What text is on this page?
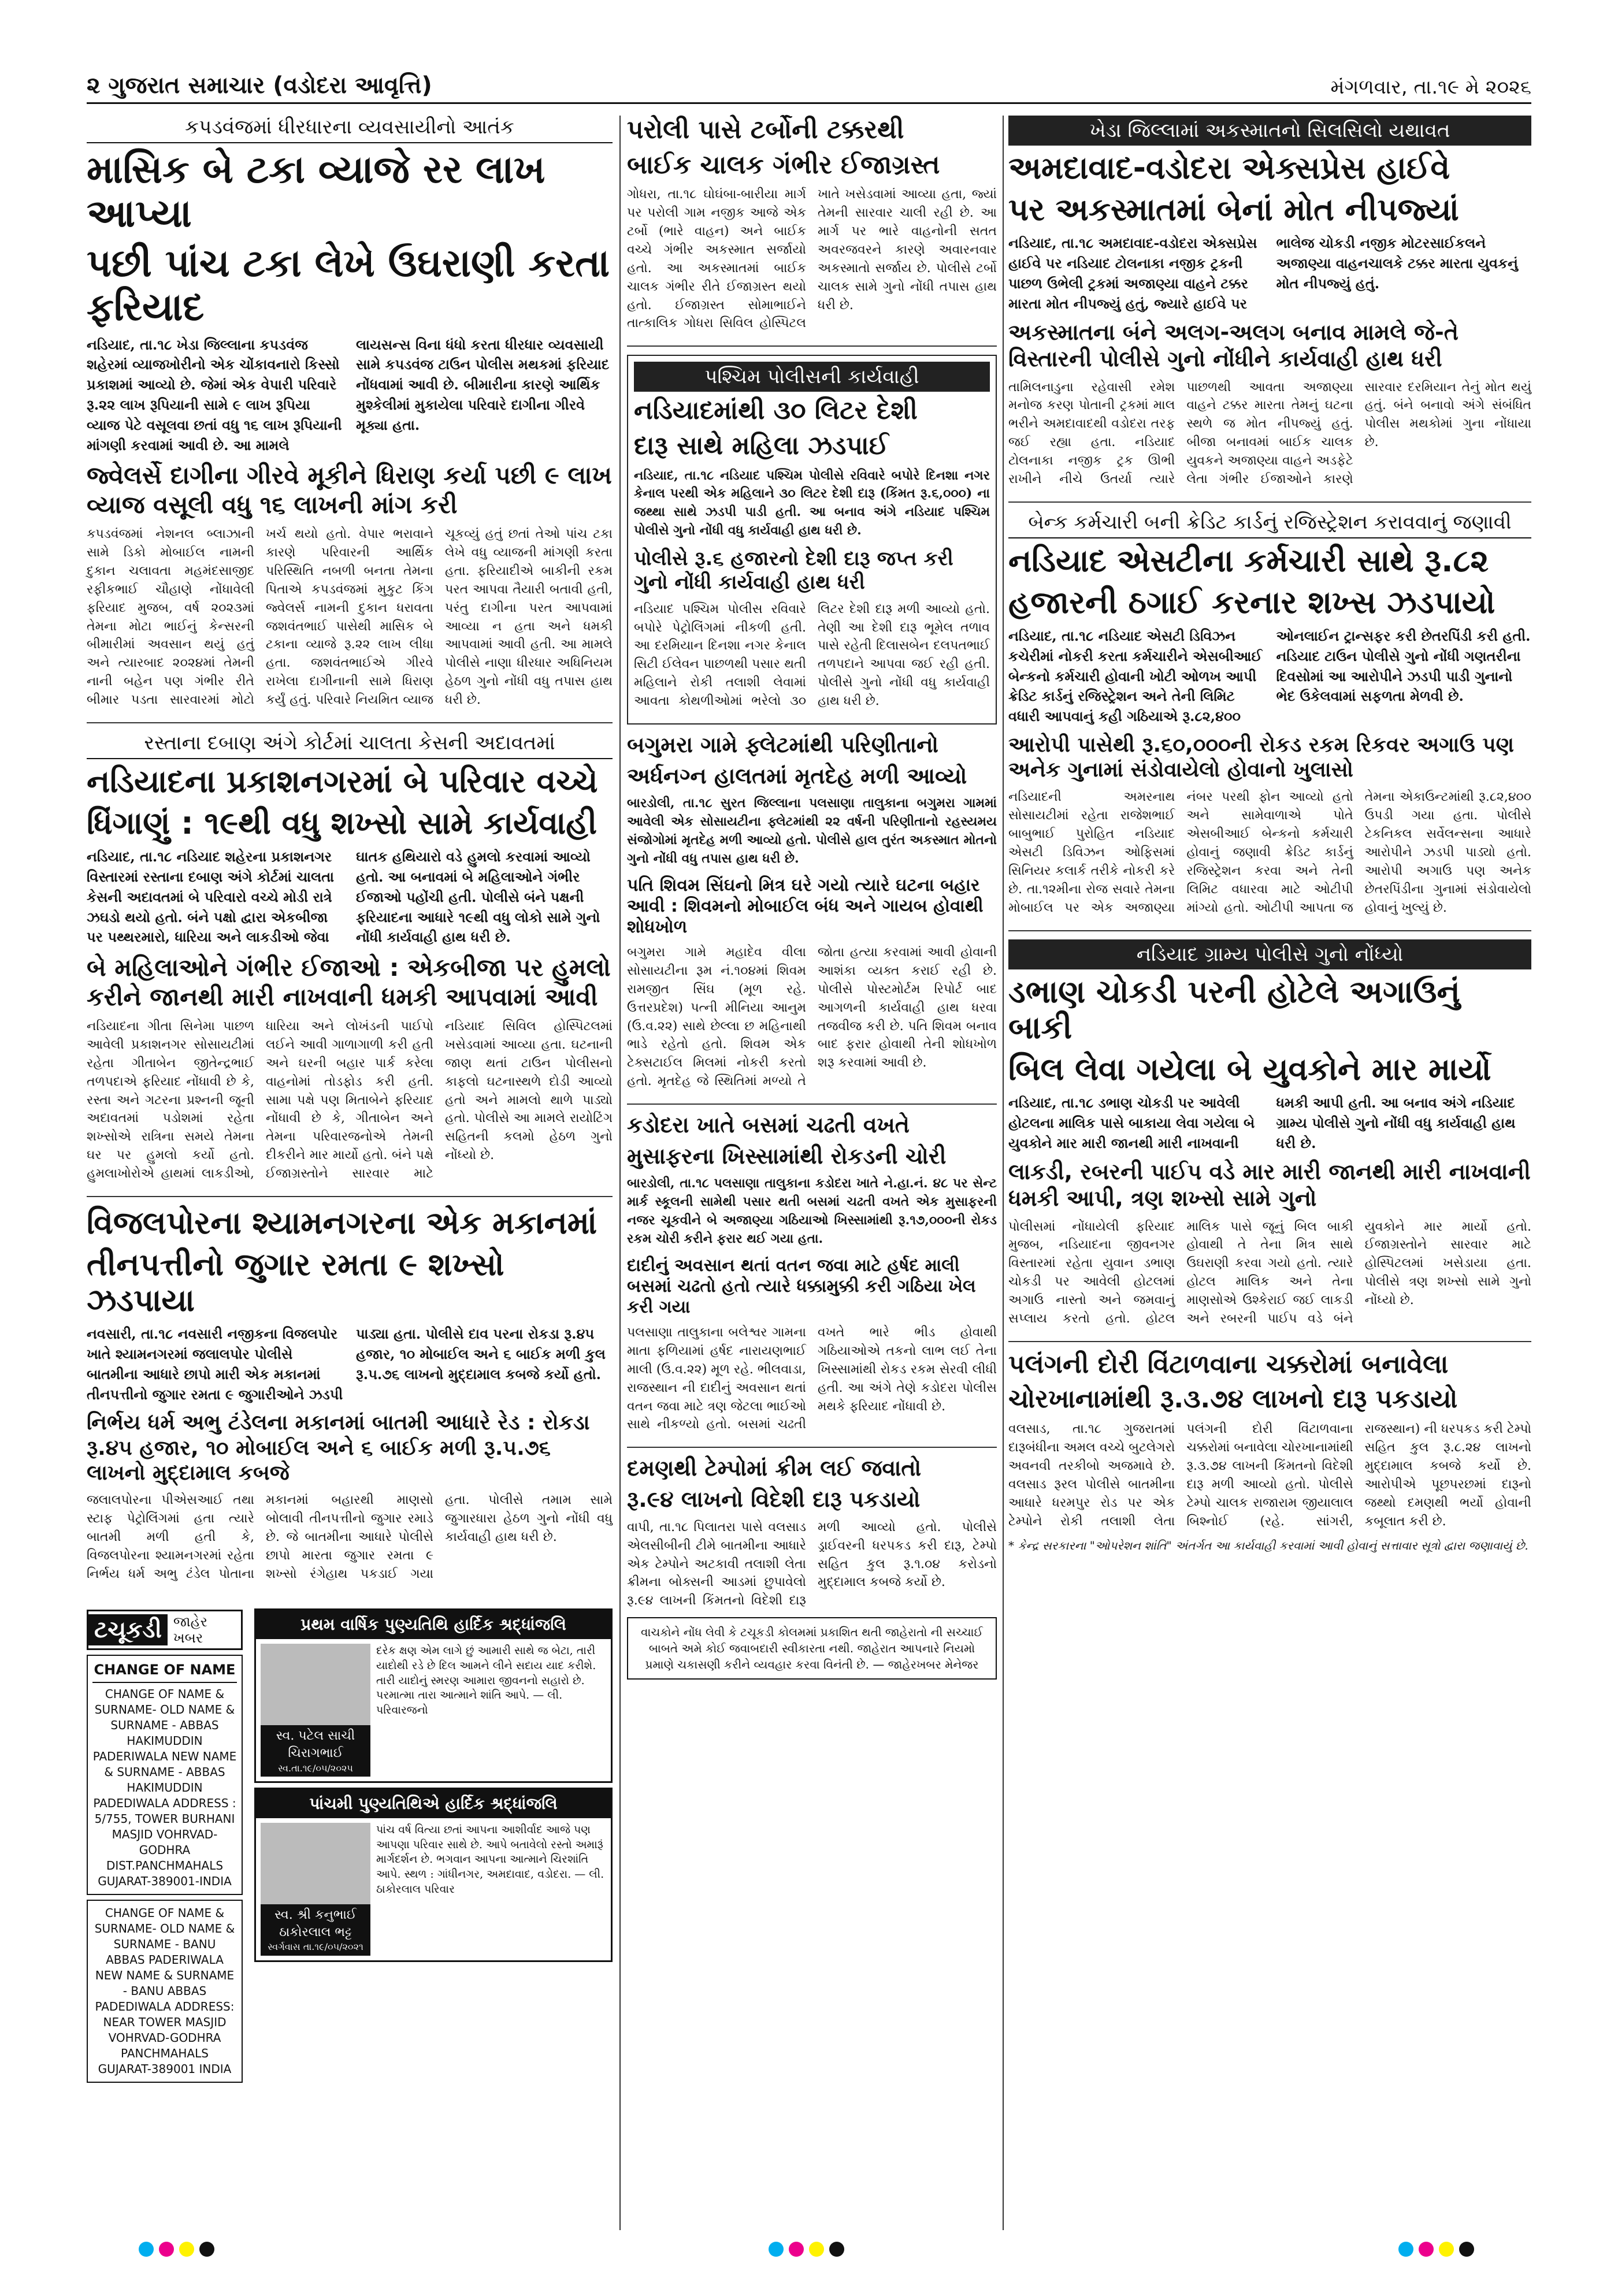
૨ ગુજરાત સમાચાર (વડોદરા આવૃત્તિ)	મંગળવાર, તા.૧૯ મે ૨૦૨૬
કપડવંજમાં ધીરધારના વ્યવસાયીનો આતંક
માસિક બે ટકા વ્યાજે રર લાખ આપ્યા
પછી પાંચ ટકા લેખે ઉઘરાણી કરતા ફરિયાદ
નડિયાદ, તા.૧૮ ખેડા જિલ્લાના કપડવંજ શહેરમાં વ્યાજખોરીનો એક ચોંકાવનારો કિસ્સો પ્રકાશમાં આવ્યો છે. જેમાં એક વેપારી પરિવારે રૂ.૨૨ લાખ રૂપિયાની સામે ૯ લાખ રૂપિયા વ્યાજ પેટે વસૂલવા છતાં વધુ ૧૬ લાખ રૂપિયાની માંગણી કરવામાં આવી છે. આ મામલે લાયસન્સ વિના ધંધો કરતા ધીરધાર વ્યવસાયી સામે કપડવંજ ટાઉન પોલીસ મથકમાં ફરિયાદ નોંધવામાં આવી છે. બીમારીના કારણે આર્થિક મુશ્કેલીમાં મુકાયેલા પરિવારે દાગીના ગીરવે મૂક્યા હતા.
જ્વેલર્સે દાગીના ગીરવે મૂકીને ધિરાણ કર્યા પછી ૯ લાખ વ્યાજ વસૂલી વધુ ૧૬ લાખની માંગ કરી
કપડવંજમાં નેશનલ બ્લાઝાની સામે ડિકો મોબાઈલ નામની દુકાન ચલાવતા મહમંદસાજીદ રફીકભાઈ ચૌહાણે નોંધાવેલી ફરિયાદ મુજબ, વર્ષ ૨૦૨૩માં તેમના મોટા ભાઈનું કેન્સરની બીમારીમાં અવસાન થયું હતું અને ત્યારબાદ ૨૦૨૪માં તેમની નાની બહેન પણ ગંભીર રીતે બીમાર પડતા સારવારમાં મોટો ખર્ચ થયો હતો. વેપાર ભરાવાને કારણે પરિવારની આર્થિક પરિસ્થિતિ નબળી બનતા તેમના પિતાએ કપડવંજમાં મુકુટ કિંગ જ્વેલર્સ નામની દુકાન ધરાવતા જશવંતભાઈ પાસેથી માસિક બે ટકાના વ્યાજે રૂ.૨૨ લાખ લીધા હતા. જશવંતભાઈએ ગીરવે રાખેલા દાગીનાની સામે ધિરાણ કર્યું હતું. પરિવારે નિયમિત વ્યાજ ચૂકવ્યું હતું છતાં તેઓ પાંચ ટકા લેખે વધુ વ્યાજની માંગણી કરતા હતા. ફરિયાદીએ બાકીની રકમ પરત આપવા તૈયારી બતાવી હતી, પરંતુ દાગીના પરત આપવામાં આવ્યા ન હતા અને ધમકી આપવામાં આવી હતી. આ મામલે પોલીસે નાણા ધીરધાર અધિનિયમ હેઠળ ગુનો નોંધી વધુ તપાસ હાથ ધરી છે.
રસ્તાના દબાણ અંગે કોર્ટમાં ચાલતા કેસની અદાવતમાં
નડિયાદના પ્રકાશનગરમાં બે પરિવાર વચ્ચે
ધિંગાણું : ૧૯થી વધુ શખ્સો સામે કાર્યવાહી
નડિયાદ, તા.૧૮ નડિયાદ શહેરના પ્રકાશનગર વિસ્તારમાં રસ્તાના દબાણ અંગે કોર્ટમાં ચાલતા કેસની અદાવતમાં બે પરિવારો વચ્ચે મોડી રાત્રે ઝઘડો થયો હતો. બંને પક્ષો દ્વારા એકબીજા પર પથ્થરમારો, ધારિયા અને લાકડીઓ જેવા ઘાતક હથિયારો વડે હુમલો કરવામાં આવ્યો હતો. આ બનાવમાં બે મહિલાઓને ગંભીર ઈજાઓ પહોંચી હતી. પોલીસે બંને પક્ષની ફરિયાદના આધારે ૧૯થી વધુ લોકો સામે ગુનો નોંધી કાર્યવાહી હાથ ધરી છે.
બે મહિલાઓને ગંભીર ઈજાઓ : એકબીજા પર હુમલો કરીને જાનથી મારી નાખવાની ધમકી આપવામાં આવી
નડિયાદના ગીતા સિનેમા પાછળ આવેલી પ્રકાશનગર સોસાયટીમાં રહેતા ગીતાબેન જીતેન્દ્રભાઈ તળપદાએ ફરિયાદ નોંધાવી છે કે, રસ્તા અને ગટરના પ્રશ્નની જૂની અદાવતમાં પડોશમાં રહેતા શખ્સોએ રાત્રિના સમયે તેમના ઘર પર હુમલો કર્યો હતો. હુમલાખોરોએ હાથમાં લાકડીઓ, ધારિયા અને લોખંડની પાઈપો લઈને આવી ગાળાગાળી કરી હતી અને ઘરની બહાર પાર્ક કરેલા વાહનોમાં તોડફોડ કરી હતી. સામા પક્ષે પણ મિતાબેને ફરિયાદ નોંધાવી છે કે, ગીતાબેન અને તેમના પરિવારજનોએ તેમની દીકરીને માર માર્યો હતો. બંને પક્ષે ઈજાગ્રસ્તોને સારવાર માટે નડિયાદ સિવિલ હોસ્પિટલમાં ખસેડવામાં આવ્યા હતા. ઘટનાની જાણ થતાં ટાઉન પોલીસનો કાફલો ઘટનાસ્થળે દોડી આવ્યો હતો અને મામલો થાળે પાડ્યો હતો. પોલીસે આ મામલે રાયોટિંગ સહિતની કલમો હેઠળ ગુનો નોંધ્યો છે.
વિજલપોરના શ્યામનગરના એક મકાનમાં
તીનપત્તીનો જુગાર રમતા ૯ શખ્સો ઝડપાયા
નવસારી, તા.૧૮ નવસારી નજીકના વિજલપોર ખાતે શ્યામનગરમાં જલાલપોર પોલીસે બાતમીના આધારે છાપો મારી એક મકાનમાં તીનપત્તીનો જુગાર રમતા ૯ જુગારીઓને ઝડપી પાડ્યા હતા. પોલીસે દાવ પરના રોકડા રૂ.૪૫ હજાર, ૧૦ મોબાઈલ અને ૬ બાઈક મળી કુલ રૂ.૫.૭૬ લાખનો મુદ્દામાલ કબજે કર્યો હતો.
નિર્ભય ધર્મ અભુ ટંડેલના મકાનમાં બાતમી આધારે રેડ : રોકડા રૂ.૪૫ હજાર, ૧૦ મોબાઈલ અને ૬ બાઈક મળી રૂ.૫.૭૬ લાખનો મુદ્દામાલ કબજે
જલાલપોરના પીએસઆઈ તથા સ્ટાફ પેટ્રોલિંગમાં હતા ત્યારે બાતમી મળી હતી કે, વિજલપોરના શ્યામનગરમાં રહેતા નિર્ભય ધર્મ અભુ ટંડેલ પોતાના મકાનમાં બહારથી માણસો બોલાવી તીનપત્તીનો જુગાર રમાડે છે. જે બાતમીના આધારે પોલીસે છાપો મારતા જુગાર રમતા ૯ શખ્સો રંગેહાથ પકડાઈ ગયા હતા. પોલીસે તમામ સામે જુગારધારા હેઠળ ગુનો નોંધી વધુ કાર્યવાહી હાથ ધરી છે.
ટચૂકડી જાહેર ખબર
CHANGE OF NAME
CHANGE OF NAME & SURNAME- OLD NAME & SURNAME - ABBAS HAKIMUDDIN PADERIWALA NEW NAME & SURNAME - ABBAS HAKIMUDDIN PADEDIWALA ADDRESS : 5/755, TOWER BURHANI MASJID VOHRVAD-GODHRA DIST.PANCHMAHALS GUJARAT-389001-INDIA
CHANGE OF NAME & SURNAME- OLD NAME & SURNAME - BANU ABBAS PADERIWALA NEW NAME & SURNAME - BANU ABBAS PADEDIWALA ADDRESS: NEAR TOWER MASJID VOHRVAD-GODHRA PANCHMAHALS GUJARAT-389001 INDIA
પ્રથમ વાર્ષિક પુણ્યતિથિ હાર્દિક શ્રદ્ધાંજલિ
સ્વ. પટેલ સાચી ચિરાગભાઈ
સ્વ.તા.૧૯/૦૫/૨૦૨૫
દરેક ક્ષણ એમ લાગે છું આમારી સાથે જ બેટા, તારી યાદોથી રડે છે દિલ આમને લીને સદાય યાદ કરીશે. તારી યાદોનું સ્મરણ આમારા જીવનનો સહારો છે. પરમાત્મા તારા આત્માને શાંતિ આપે. — લી. પરિવારજનો
પાંચમી પુણ્યતિથિએ હાર્દિક શ્રદ્ધાંજલિ
સ્વ. શ્રી કનુભાઈ ઠાકોરલાલ ભટ્ટ
સ્વર્ગવાસ તા.૧૯/૦૫/૨૦૨૧
પાંચ વર્ષ વિત્યા છતાં આપના આશીર્વાદ આજે પણ આપણા પરિવાર સાથે છે. આપે બતાવેલો રસ્તો અમારૂં માર્ગદર્શન છે. ભગવાન આપના આત્માને ચિરશાંતિ આપે. સ્થળ : ગાંધીનગર, અમદાવાદ, વડોદરા. — લી. ઠાકોરલાલ પરિવાર
પરોલી પાસે ટર્બોની ટક્કરથી
બાઈક ચાલક ગંભીર ઈજાગ્રસ્ત
ગોધરા, તા.૧૮ ઘોઘંબા-બારીયા માર્ગ પર પરોલી ગામ નજીક આજે એક ટર્બો (ભારે વાહન) અને બાઈક વચ્ચે ગંભીર અકસ્માત સર્જાયો હતો. આ અકસ્માતમાં બાઈક ચાલક ગંભીર રીતે ઈજાગ્રસ્ત થયો હતો. ઈજાગ્રસ્ત સોમાભાઈને તાત્કાલિક ગોધરા સિવિલ હોસ્પિટલ ખાતે ખસેડવામાં આવ્યા હતા, જ્યાં તેમની સારવાર ચાલી રહી છે. આ માર્ગ પર ભારે વાહનોની સતત અવરજવરને કારણે અવારનવાર અકસ્માતો સર્જાય છે. પોલીસે ટર્બો ચાલક સામે ગુનો નોંધી તપાસ હાથ ધરી છે.
પશ્ચિમ પોલીસની કાર્યવાહી
નડિયાદમાંથી ૩૦ લિટર દેશી
દારૂ સાથે મહિલા ઝડપાઈ
નડિયાદ, તા.૧૮ નડિયાદ પશ્ચિમ પોલીસે રવિવારે બપોરે દિનશા નગર કેનાલ પરથી એક મહિલાને ૩૦ લિટર દેશી દારૂ (કિંમત રૂ.૬,૦૦૦) ના જથ્થા સાથે ઝડપી પાડી હતી. આ બનાવ અંગે નડિયાદ પશ્ચિમ પોલીસે ગુનો નોંધી વધુ કાર્યવાહી હાથ ધરી છે.
પોલીસે રૂ.૬ હજારનો દેશી દારૂ જપ્ત કરી ગુનો નોંધી કાર્યવાહી હાથ ધરી
નડિયાદ પશ્ચિમ પોલીસ રવિવારે બપોરે પેટ્રોલિંગમાં નીકળી હતી. આ દરમિયાન દિનશા નગર કેનાલ સિટી ઈલેવન પાછળથી પસાર થતી મહિલાને રોકી તલાશી લેવામાં આવતા કોથળીઓમાં ભરેલો ૩૦ લિટર દેશી દારૂ મળી આવ્યો હતો. તેણી આ દેશી દારૂ ભૂમેલ તળાવ પાસે રહેતી દિલાસબેન દલપતભાઈ તળપદાને આપવા જઈ રહી હતી. પોલીસે ગુનો નોંધી વધુ કાર્યવાહી હાથ ધરી છે.
બગુમરા ગામે ફ્લેટમાંથી પરિણીતાનો
અર્ધનગ્ન હાલતમાં મૃતદેહ મળી આવ્યો
બારડોલી, તા.૧૮ સુરત જિલ્લાના પલસાણા તાલુકાના બગુમરા ગામમાં આવેલી એક સોસાયટીના ફ્લેટમાંથી ૨૨ વર્ષની પરિણીતાનો રહસ્યમય સંજોગોમાં મૃતદેહ મળી આવ્યો હતો. પોલીસે હાલ તુરંત અકસ્માત મોતનો ગુનો નોંધી વધુ તપાસ હાથ ધરી છે.
પતિ શિવમ સિંઘનો મિત્ર ઘરે ગયો ત્યારે ઘટના બહાર આવી : શિવમનો મોબાઈલ બંધ અને ગાયબ હોવાથી શોધખોળ
બગુમરા ગામે મહાદેવ વીલા સોસાયટીના રૂમ નં.૧૦૪માં શિવમ રામજીત સિંઘ (મૂળ રહે. ઉત્તરપ્રદેશ) પત્ની મીનિયા આનુમ (ઉ.વ.૨૨) સાથે છેલ્લા છ મહિનાથી ભાડે રહેતો હતો. શિવમ એક ટેક્સટાઈલ મિલમાં નોકરી કરતો હતો. મૃતદેહ જે સ્થિતિમાં મળ્યો તે જોતા હત્યા કરવામાં આવી હોવાની આશંકા વ્યક્ત કરાઈ રહી છે. પોલીસે પોસ્ટમોર્ટમ રિપોર્ટ બાદ આગળની કાર્યવાહી હાથ ધરવા તજવીજ કરી છે. પતિ શિવમ બનાવ બાદ ફરાર હોવાથી તેની શોધખોળ શરૂ કરવામાં આવી છે.
કડોદરા ખાતે બસમાં ચઢતી વખતે
મુસાફરના ખિસ્સામાંથી રોકડની ચોરી
બારડોલી, તા.૧૮ પલસાણા તાલુકાના કડોદરા ખાતે ને.હા.નં. ૪૮ પર સેન્ટ માર્ક સ્કૂલની સામેથી પસાર થતી બસમાં ચઢતી વખતે એક મુસાફરની નજર ચૂકવીને બે અજાણ્યા ગઠિયાઓ ખિસ્સામાંથી રૂ.૧૭,૦૦૦ની રોકડ રકમ ચોરી કરીને ફરાર થઈ ગયા હતા.
દાદીનું અવસાન થતાં વતન જવા માટે હર્ષદ માલી બસમાં ચઢતો હતો ત્યારે ધક્કામુક્કી કરી ગઠિયા ખેલ કરી ગયા
પલસાણા તાલુકાના બલેશ્વર ગામના માતા ફળિયામાં હર્ષદ નારાયણભાઈ માલી (ઉ.વ.૨૨) મૂળ રહે. ભીલવાડા, રાજસ્થાન ની દાદીનું અવસાન થતાં વતન જવા માટે ત્રણ જેટલા ભાઈઓ સાથે નીકળ્યો હતો. બસમાં ચઢતી વખતે ભારે ભીડ હોવાથી ગઠિયાઓએ તકનો લાભ લઈ તેના ખિસ્સામાંથી રોકડ રકમ સેરવી લીધી હતી. આ અંગે તેણે કડોદરા પોલીસ મથકે ફરિયાદ નોંધાવી છે.
દમણથી ટેમ્પોમાં ક્રીમ લઈ જવાતો
રૂ.૯૪ લાખનો વિદેશી દારૂ પકડાયો
વાપી, તા.૧૮ પિલાતરા પાસે વલસાડ એલસીબીની ટીમે બાતમીના આધારે એક ટેમ્પોને અટકાવી તલાશી લેતા ક્રીમના બોક્સની આડમાં છુપાવેલો રૂ.૯૪ લાખની કિંમતનો વિદેશી દારૂ મળી આવ્યો હતો. પોલીસે ડ્રાઈવરની ધરપકડ કરી દારૂ, ટેમ્પો સહિત કુલ રૂ.૧.૦૪ કરોડનો મુદ્દામાલ કબજે કર્યો છે.
વાચકોને નોંધ લેવી કે ટચૂકડી કોલમમાં પ્રકાશિત થતી જાહેરાતો ની સચ્ચાઈ બાબતે અમે કોઈ જવાબદારી સ્વીકારતા નથી. જાહેરાત આપનારે નિયમો પ્રમાણે ચકાસણી કરીને વ્યવહાર કરવા વિનંતી છે. — જાહેરખબર મેનેજર
ખેડા જિલ્લામાં અકસ્માતનો સિલસિલો યથાવત
અમદાવાદ-વડોદરા એક્સપ્રેસ હાઈવે
પર અકસ્માતમાં બેનાં મોત નીપજ્યાં
નડિયાદ, તા.૧૮ અમદાવાદ-વડોદરા એક્સપ્રેસ હાઈવે પર નડિયાદ ટોલનાકા નજીક ટ્રકની પાછળ ઉભેલી ટ્રકમાં અજાણ્યા વાહને ટક્કર મારતા મોત નીપજ્યું હતું, જ્યારે હાઈવે પર ભાલેજ ચોકડી નજીક મોટરસાઈકલને અજાણ્યા વાહનચાલકે ટક્કર મારતા યુવકનું મોત નીપજ્યું હતું.
અકસ્માતના બંને અલગ-અલગ બનાવ મામલે જે-તે વિસ્તારની પોલીસે ગુનો નોંધીને કાર્યવાહી હાથ ધરી
તામિલનાડુના રહેવાસી રમેશ મનોજ કરણ પોતાની ટ્રકમાં માલ ભરીને અમદાવાદથી વડોદરા તરફ જઈ રહ્યા હતા. નડિયાદ ટોલનાકા નજીક ટ્રક ઊભી રાખીને નીચે ઉતર્યા ત્યારે પાછળથી આવતા અજાણ્યા વાહને ટક્કર મારતા તેમનું ઘટના સ્થળે જ મોત નીપજ્યું હતું. બીજા બનાવમાં બાઈક ચાલક યુવકને અજાણ્યા વાહને અડફેટે લેતા ગંભીર ઈજાઓને કારણે સારવાર દરમિયાન તેનું મોત થયું હતું. બંને બનાવો અંગે સંબંધિત પોલીસ મથકોમાં ગુના નોંધાયા છે.
બેન્ક કર્મચારી બની ક્રેડિટ કાર્ડનું રજિસ્ટ્રેશન કરાવવાનું જણાવી
નડિયાદ એસટીના કર્મચારી સાથે રૂ.૮૨
હજારની ઠગાઈ કરનાર શખ્સ ઝડપાયો
નડિયાદ, તા.૧૮ નડિયાદ એસટી ડિવિઝન કચેરીમાં નોકરી કરતા કર્મચારીને એસબીઆઈ બેન્કનો કર્મચારી હોવાની ખોટી ઓળખ આપી ક્રેડિટ કાર્ડનું રજિસ્ટ્રેશન અને તેની લિમિટ વધારી આપવાનું કહી ગઠિયાએ રૂ.૮૨,૪૦૦ ઓનલાઈન ટ્રાન્સફર કરી છેતરપિંડી કરી હતી. નડિયાદ ટાઉન પોલીસે ગુનો નોંધી ગણતરીના દિવસોમાં આ આરોપીને ઝડપી પાડી ગુનાનો ભેદ ઉકેલવામાં સફળતા મેળવી છે.
આરોપી પાસેથી રૂ.૬૦,૦૦૦ની રોકડ રકમ રિકવર અગાઉ પણ અનેક ગુનામાં સંડોવાયેલો હોવાનો ખુલાસો
નડિયાદની અમરનાથ સોસાયટીમાં રહેતા રાજેશભાઈ બાબુભાઈ પુરોહિત નડિયાદ એસટી ડિવિઝન ઓફિસમાં સિનિયર કલાર્ક તરીકે નોકરી કરે છે. તા.૧૨મીના રોજ સવારે તેમના મોબાઈલ પર એક અજાણ્યા નંબર પરથી ફોન આવ્યો હતો અને સામેવાળાએ પોતે એસબીઆઈ બેન્કનો કર્મચારી હોવાનું જણાવી ક્રેડિટ કાર્ડનું રજિસ્ટ્રેશન કરવા અને તેની લિમિટ વધારવા માટે ઓટીપી માંગ્યો હતો. ઓટીપી આપતા જ તેમના એકાઉન્ટમાંથી રૂ.૮૨,૪૦૦ ઉપડી ગયા હતા. પોલીસે ટેકનિકલ સર્વેલન્સના આધારે આરોપીને ઝડપી પાડ્યો હતો. આરોપી અગાઉ પણ અનેક છેતરપિંડીના ગુનામાં સંડોવાયેલો હોવાનું ખુલ્યું છે.
નડિયાદ ગ્રામ્ય પોલીસે ગુનો નોંધ્યો
ડભાણ ચોકડી પરની હોટેલે અગાઉનું બાકી
બિલ લેવા ગયેલા બે યુવકોને માર માર્યો
નડિયાદ, તા.૧૮ ડભાણ ચોકડી પર આવેલી હોટલના માલિક પાસે બાકાયા લેવા ગયેલા બે યુવકોને માર મારી જાનથી મારી નાખવાની ધમકી આપી હતી. આ બનાવ અંગે નડિયાદ ગ્રામ્ય પોલીસે ગુનો નોંધી વધુ કાર્યવાહી હાથ ધરી છે.
લાકડી, રબરની પાઈપ વડે માર મારી જાનથી મારી નાખવાની ધમકી આપી, ત્રણ શખ્સો સામે ગુનો
પોલીસમાં નોંધાયેલી ફરિયાદ મુજબ, નડિયાદના જીવનગર વિસ્તારમાં રહેતા યુવાન ડભાણ ચોકડી પર આવેલી હોટલમાં અગાઉ નાસ્તો અને જમવાનું સપ્લાય કરતો હતો. હોટલ માલિક પાસે જૂનું બિલ બાકી હોવાથી તે તેના મિત્ર સાથે ઉઘરાણી કરવા ગયો હતો. ત્યારે હોટલ માલિક અને તેના માણસોએ ઉશ્કેરાઈ જઈ લાકડી અને રબરની પાઈપ વડે બંને યુવકોને માર માર્યો હતો. ઈજાગ્રસ્તોને સારવાર માટે હોસ્પિટલમાં ખસેડાયા હતા. પોલીસે ત્રણ શખ્સો સામે ગુનો નોંધ્યો છે.
પલંગની દોરી વિંટાળવાના ચક્કરોમાં બનાવેલા
ચોરખાનામાંથી રૂ.૩.૭૪ લાખનો દારૂ પકડાયો
વલસાડ, તા.૧૮ ગુજરાતમાં દારૂબંધીના અમલ વચ્ચે બુટલેગરો અવનવી તરકીબો અજમાવે છે. વલસાડ રૂરલ પોલીસે બાતમીના આધારે ધરમપુર રોડ પર એક ટેમ્પોને રોકી તલાશી લેતા પલંગની દોરી વિંટાળવાના ચક્કરોમાં બનાવેલા ચોરખાનામાંથી રૂ.૩.૭૪ લાખની કિંમતનો વિદેશી દારૂ મળી આવ્યો હતો. પોલીસે ટેમ્પો ચાલક રાજારામ જીયાલાલ બિશ્નોઈ (રહે. સાંગરી, રાજસ્થાન) ની ધરપકડ કરી ટેમ્પો સહિત કુલ રૂ.૮.૨૪ લાખનો મુદ્દામાલ કબજે કર્યો છે. આરોપીએ પૂછપરછમાં દારૂનો જથ્થો દમણથી ભર્યો હોવાની કબૂલાત કરી છે.
* કેન્દ્ર સરકારના "ઓપરેશન શાંતિ" અંતર્ગત આ કાર્યવાહી કરવામાં આવી હોવાનું સત્તાવાર સૂત્રો દ્વારા જણાવાયું છે.
